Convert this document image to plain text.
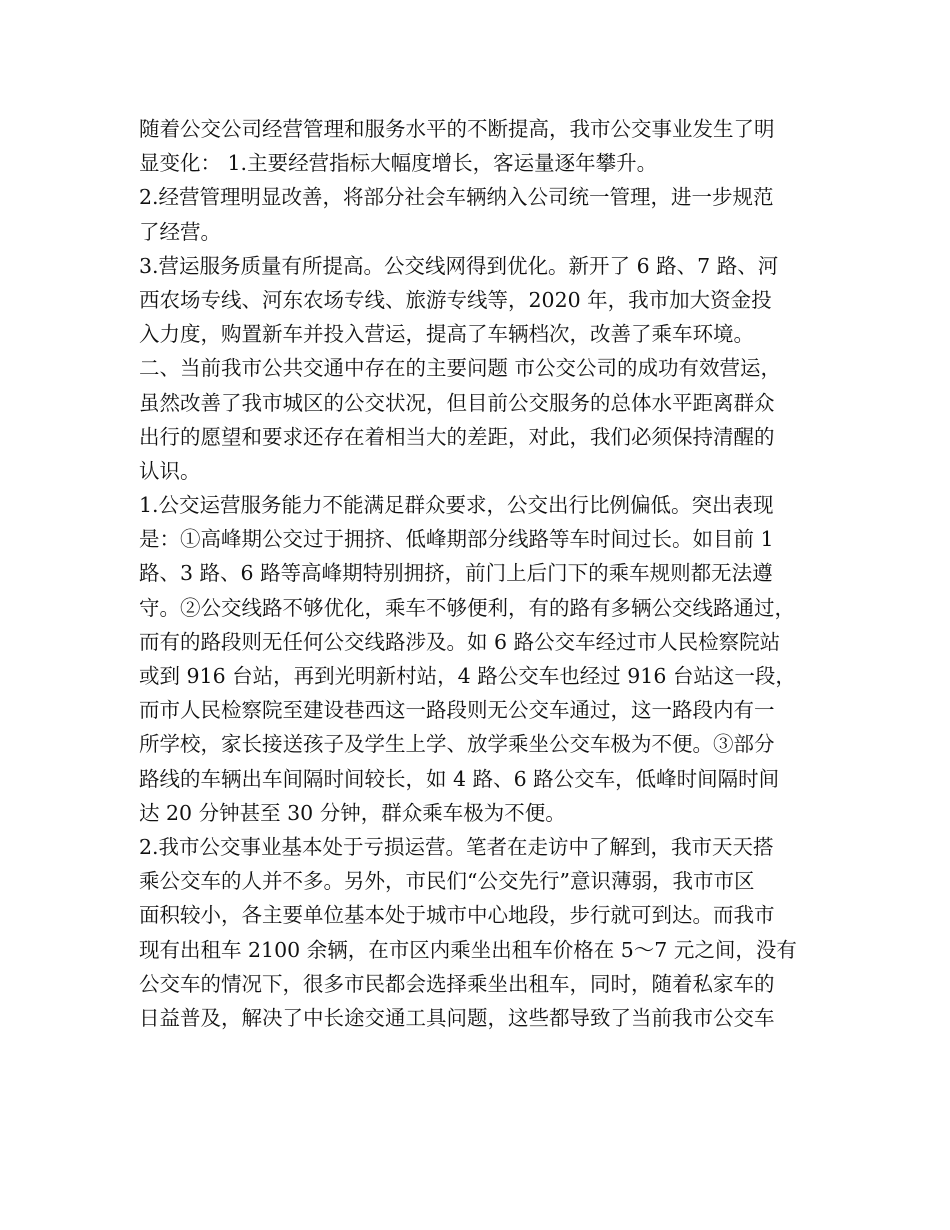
随着公交公司经营管理和服务水平的不断提高，我市公交事业发生了明
显变化： 1.主要经营指标大幅度增长，客运量逐年攀升。
2.经营管理明显改善，将部分社会车辆纳入公司统一管理，进一步规范
了经营。
3.营运服务质量有所提高。公交线网得到优化。新开了 6 路、7 路、河
西农场专线、河东农场专线、旅游专线等，2020 年，我市加大资金投
入力度，购置新车并投入营运，提高了车辆档次，改善了乘车环境。
二、当前我市公共交通中存在的主要问题 市公交公司的成功有效营运，
虽然改善了我市城区的公交状况，但目前公交服务的总体水平距离群众
出行的愿望和要求还存在着相当大的差距，对此，我们必须保持清醒的
认识。
1.公交运营服务能力不能满足群众要求，公交出行比例偏低。突出表现
是：①高峰期公交过于拥挤、低峰期部分线路等车时间过长。如目前 1
路、3 路、6 路等高峰期特别拥挤，前门上后门下的乘车规则都无法遵
守。②公交线路不够优化，乘车不够便利，有的路有多辆公交线路通过，
而有的路段则无任何公交线路涉及。如 6 路公交车经过市人民检察院站
或到 916 台站，再到光明新村站，4 路公交车也经过 916 台站这一段，
而市人民检察院至建设巷西这一路段则无公交车通过，这一路段内有一
所学校，家长接送孩子及学生上学、放学乘坐公交车极为不便。③部分
路线的车辆出车间隔时间较长，如 4 路、6 路公交车，低峰时间隔时间
达 20 分钟甚至 30 分钟，群众乘车极为不便。
2.我市公交事业基本处于亏损运营。笔者在走访中了解到，我市天天搭
乘公交车的人并不多。另外，市民们“公交先行”意识薄弱，我市市区
面积较小，各主要单位基本处于城市中心地段，步行就可到达。而我市
现有出租车 2100 余辆，在市区内乘坐出租车价格在 5～7 元之间，没有
公交车的情况下，很多市民都会选择乘坐出租车，同时，随着私家车的
日益普及，解决了中长途交通工具问题，这些都导致了当前我市公交车
